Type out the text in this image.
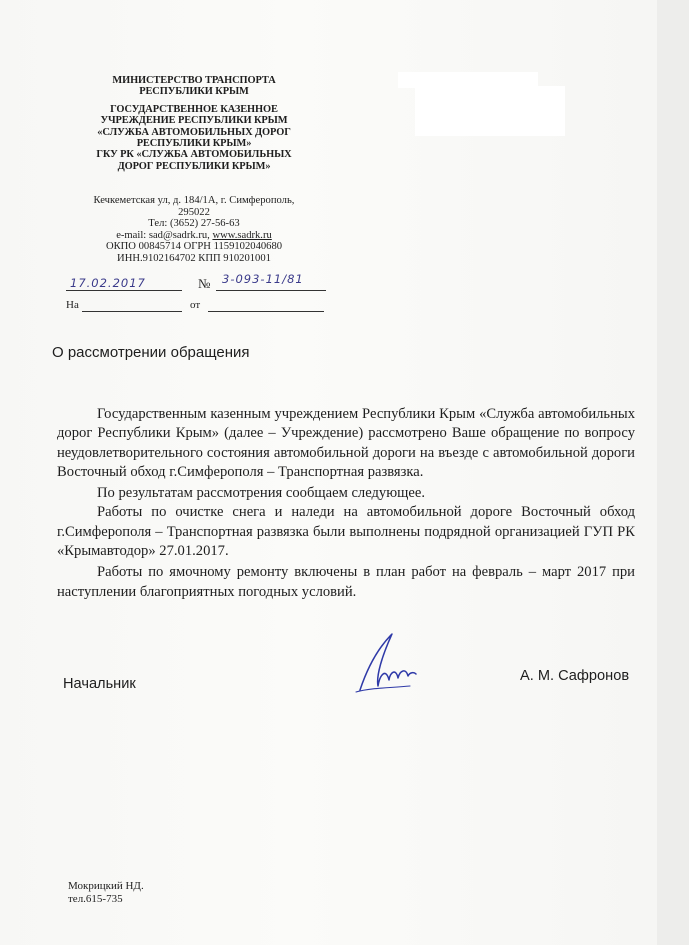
МИНИСТЕРСТВО ТРАНСПОРТА
РЕСПУБЛИКИ КРЫМ
ГОСУДАРСТВЕННОЕ КАЗЕННОЕ
УЧРЕЖДЕНИЕ РЕСПУБЛИКИ КРЫМ
«СЛУЖБА АВТОМОБИЛЬНЫХ ДОРОГ
РЕСПУБЛИКИ КРЫМ»
ГКУ РК «СЛУЖБА АВТОМОБИЛЬНЫХ
ДОРОГ РЕСПУБЛИКИ КРЫМ»
Кечкеметская ул, д. 184/1А, г. Симферополь,
295022
Тел: (3652) 27-56-63
e-mail: sad@sadrk.ru, www.sadrk.ru
ОКПО 00845714 ОГРН 1159102040680
ИНН.9102164702 КПП 910201001
17.02.2017	№ 3-093-11/81
На	от
О рассмотрении обращения

Государственным казенным учреждением Республики Крым «Служба автомобильных дорог Республики Крым» (далее – Учреждение) рассмотрено Ваше обращение по вопросу неудовлетворительного состояния автомобильной дороги на въезде с автомобильной дороги Восточный обход г.Симферополя – Транспортная развязка.

По результатам рассмотрения сообщаем следующее.

Работы по очистке снега и наледи на автомобильной дороге Восточный обход г.Симферополя – Транспортная развязка были выполнены подрядной организацией ГУП РК «Крымавтодор» 27.01.2017.

Работы по ямочному ремонту включены в план работ на февраль – март 2017 при наступлении благоприятных погодных условий.

Начальник	А. М. Сафронов
Мокрицкий НД.
тел.615-735
